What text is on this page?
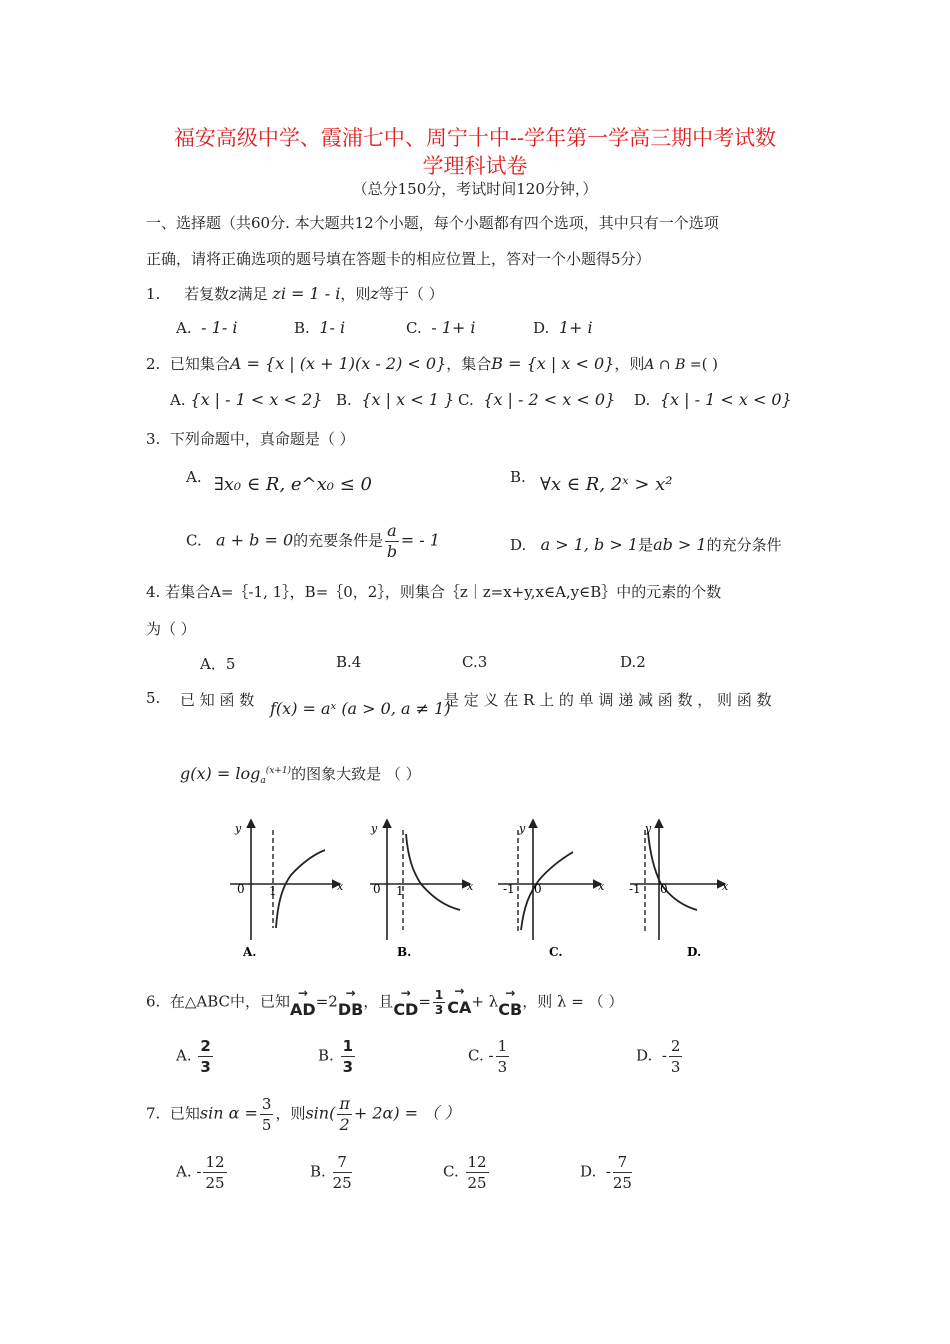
福安高级中学、霞浦七中、周宁十中--学年第一学高三期中考试数
学理科试卷
（总分150分，考试时间120分钟，）
一、选择题（共60分. 本大题共12个小题，每个小题都有四个选项，其中只有一个选项
正确，请将正确选项的题号填在答题卡的相应位置上，答对一个小题得5分）
1. 若复数z满足 zi = 1 - i，则z等于（ ）
A. - 1- i	B. 1- i	C. - 1+ i	D. 1+ i
2. 已知集合A = {x | (x + 1)(x - 2) < 0}，集合B = {x | x < 0}，则A ∩ B =( )
A. {x | - 1 < x < 2} B. {x | x < 1 } C. {x | - 2 < x < 0} D. {x | - 1 < x < 0}
3. 下列命题中，真命题是（ ）
A. ∃x₀ ∈ R, e^x₀ ≤ 0	B. ∀x ∈ R, 2ˣ > x²
C. a + b = 0的充要条件是 $\frac{a}{b}$ = - 1	D. a > 1, b > 1是ab > 1的充分条件
4. 若集合A=｛-1, 1｝，B=｛0，2｝，则集合｛z｜z=x+y,x∈A,y∈B｝中的元素的个数
为（ ）
A．5	B.4	C.3	D.2
5. 已 知 函 数 f(x) = aˣ (a > 0, a ≠ 1)
是 定 义 在 R 上 的 单 调 递 减 函 数 ， 则 函 数
$g(x) = \log_a^{(x+1)}$的图象大致是 （ ）
y
x
0 1
A.
y
x
0 1
B.
y
x
0
-1
C.
y
x
0
-1
D.
6. 在△ABC中，已知→ AD=2→ DB，且→ $CD= \frac{1}{3}$
→ CA+ λ→ CB，则 λ = （ ）
A. $\frac{2}{3}$	B. $\frac{1}{3}$	C. - $\frac{1}{3}$	D. - $\frac{2}{3}$
7. 已知$\sin \alpha = \frac{3}{5}$ ，则$\sin( \frac{\pi}{2} + 2\alpha)$ = （ ）
A. - $\frac{12}{25}$	B. $\frac{7}{25}$	C. $\frac{12}{25}$	D. - $\frac{7}{25}$
